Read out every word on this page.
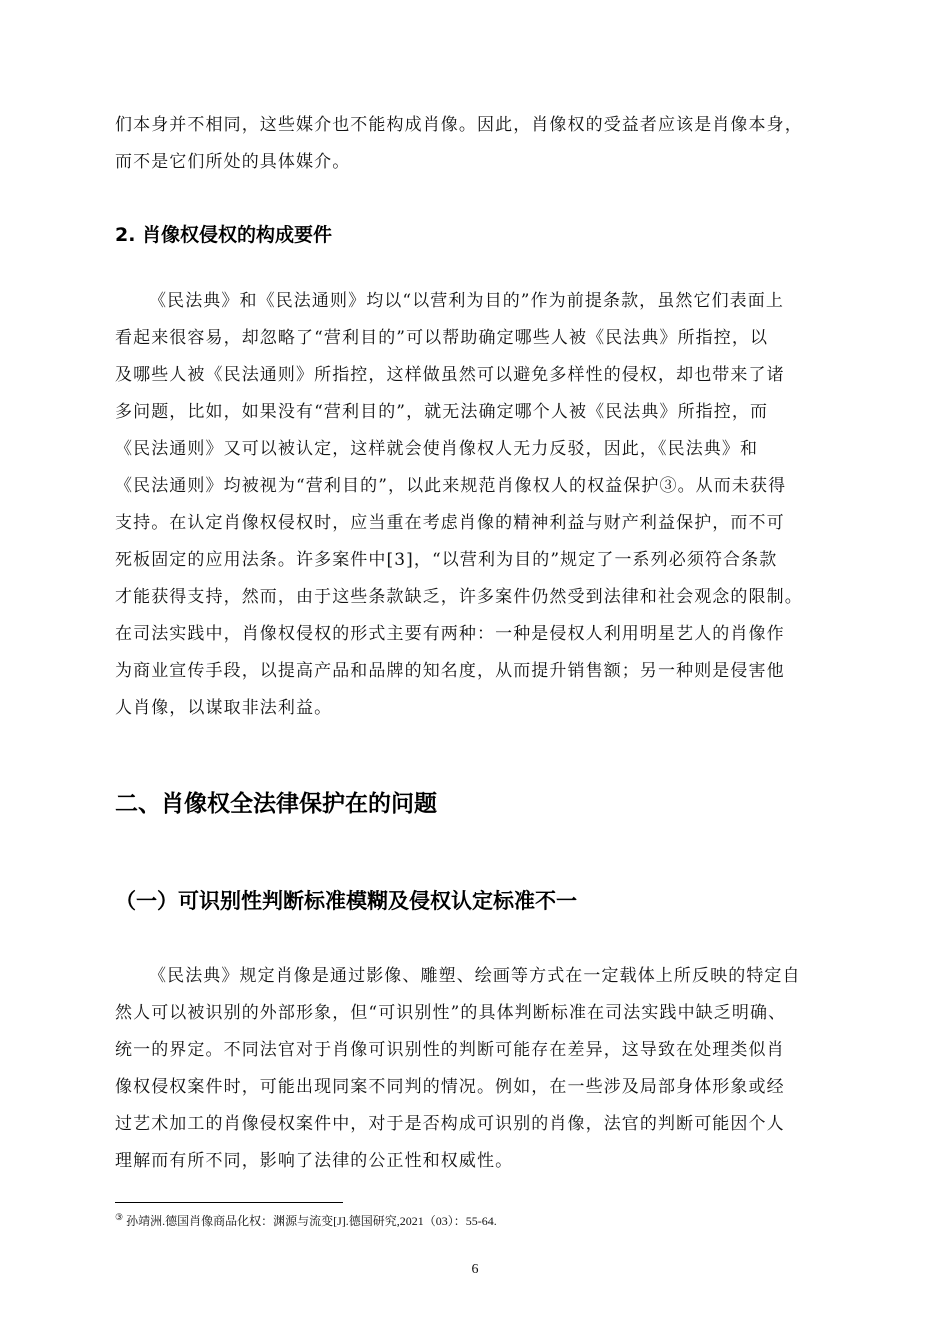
们本身并不相同，这些媒介也不能构成肖像。因此，肖像权的受益者应该是肖像本身，
而不是它们所处的具体媒介。
2. 肖像权侵权的构成要件
《民法典》和《民法通则》均以“以营利为目的”作为前提条款，虽然它们表面上
看起来很容易，却忽略了“营利目的”可以帮助确定哪些人被《民法典》所指控，以
及哪些人被《民法通则》所指控，这样做虽然可以避免多样性的侵权，却也带来了诸
多问题，比如，如果没有“营利目的”，就无法确定哪个人被《民法典》所指控，而
《民法通则》又可以被认定，这样就会使肖像权人无力反驳，因此，《民法典》和
《民法通则》均被视为“营利目的”，以此来规范肖像权人的权益保护③。从而未获得
支持。在认定肖像权侵权时，应当重在考虑肖像的精神利益与财产利益保护，而不可
死板固定的应用法条。许多案件中[3]，“以营利为目的”规定了一系列必须符合条款
才能获得支持，然而，由于这些条款缺乏，许多案件仍然受到法律和社会观念的限制。
在司法实践中，肖像权侵权的形式主要有两种：一种是侵权人利用明星艺人的肖像作
为商业宣传手段，以提高产品和品牌的知名度，从而提升销售额；另一种则是侵害他
人肖像，以谋取非法利益。
二、肖像权全法律保护在的问题
（一）可识别性判断标准模糊及侵权认定标准不一
《民法典》规定肖像是通过影像、雕塑、绘画等方式在一定载体上所反映的特定自
然人可以被识别的外部形象，但“可识别性”的具体判断标准在司法实践中缺乏明确、
统一的界定。不同法官对于肖像可识别性的判断可能存在差异，这导致在处理类似肖
像权侵权案件时，可能出现同案不同判的情况。例如，在一些涉及局部身体形象或经
过艺术加工的肖像侵权案件中，对于是否构成可识别的肖像，法官的判断可能因个人
理解而有所不同，影响了法律的公正性和权威性。
③ 孙靖洲.德国肖像商品化权：渊源与流变[J].德国研究,2021（03）：55-64.
6
